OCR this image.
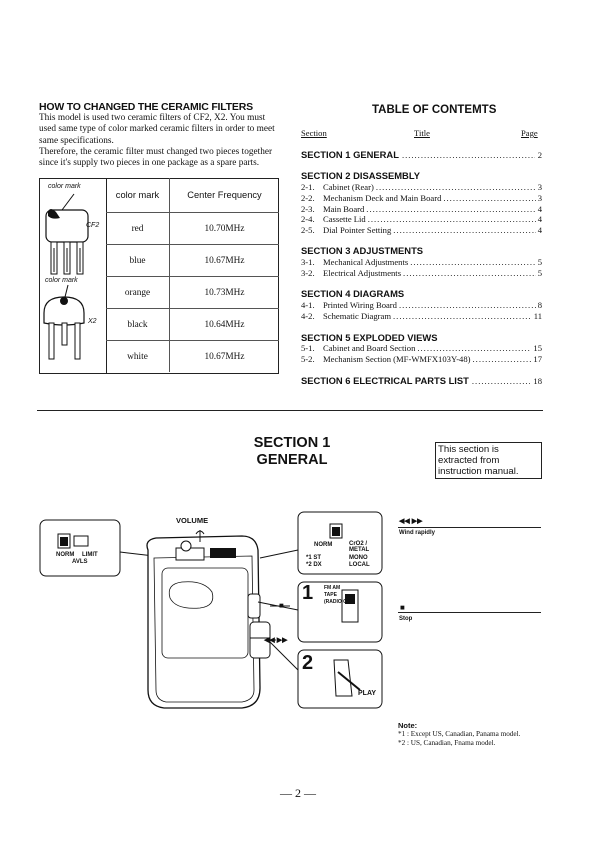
HOW TO CHANGED THE CERAMIC FILTERS
This model is used two ceramic filters of CF2, X2. You must used same type of color marked ceramic filters in order to meet same specifications.
Therefore, the ceramic filter must changed two pieces together since it's supply two pieces in one package as a spare parts.
color mark
CF2
color mark
X2
color mark	Center Frequency
red	10.70MHz
blue	10.67MHz
orange	10.73MHz
black	10.64MHz
white	10.67MHz
TABLE OF CONTEMTS
Section	Title	Page
SECTION 1 GENERAL .....	2
SECTION 2 DISASSEMBLY
2-1. Cabinet (Rear) .....	3
2-2. Mechanism Deck and Main Board .....	3
2-3. Main Board .....	4
2-4. Cassette Lid .....	4
2-5. Dial Pointer Setting .....	4
SECTION 3 ADJUSTMENTS
3-1. Mechanical Adjustments .....	5
3-2. Electrical Adjustments .....	5
SECTION 4 DIAGRAMS
4-1. Printed Wiring Board .....	8
4-2. Schematic Diagram .....	11
SECTION 5 EXPLODED VIEWS
5-1. Cabinet and Board Section .....	15
5-2. Mechanism Section (MF-WMFX103Y-48) .....	17
SECTION 6 ELECTRICAL PARTS LIST .....	18
SECTION 1
GENERAL
This section is extracted from instruction manual.
VOLUME
NORM LIMIT
AVLS
NORM	CrO2 /
METAL
*1 ST	MONO
*2 DX	LOCAL
1 FM AM
TAPE
(RADIO OFF)
2
PLAY
■
◀◀ ▶▶
◀◀ ▶▶
Wind rapidly
■
Stop
Note:
*1 : Except US, Canadian, Panama model.
*2 : US, Canadian, Fnama model.
— 2 —
